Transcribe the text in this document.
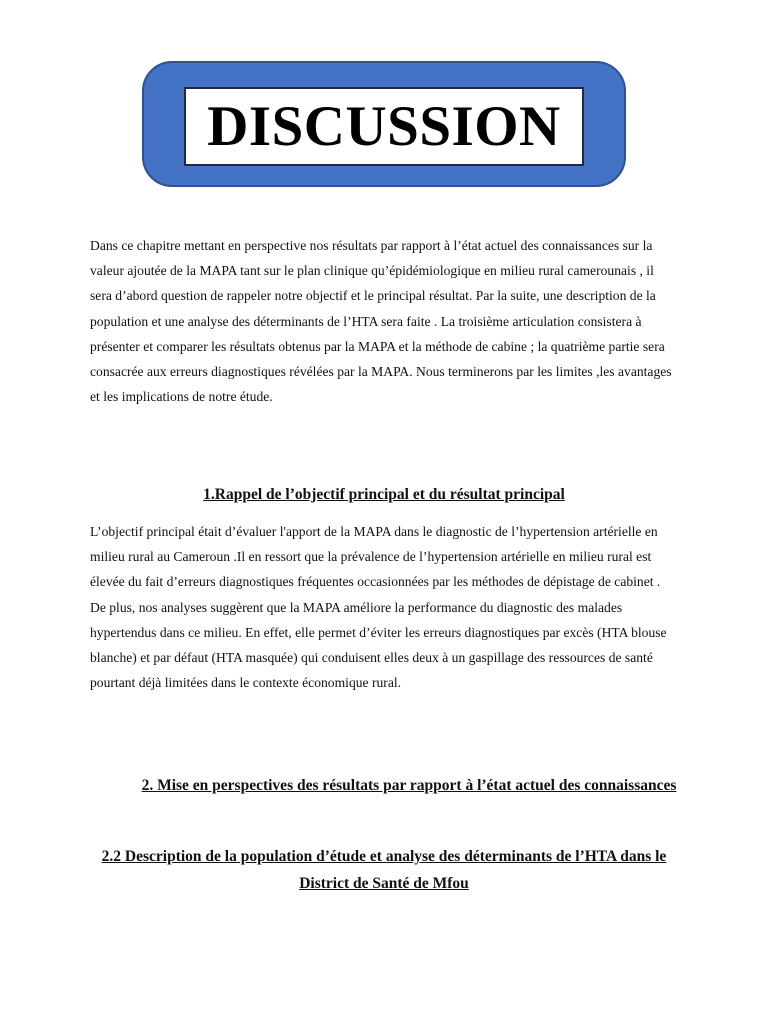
DISCUSSION

Dans ce chapitre mettant en perspective nos résultats par rapport à l’état actuel des connaissances sur la valeur ajoutée de la MAPA tant sur le plan clinique qu’épidémiologique en milieu rural camerounais , il sera d’abord question de rappeler notre objectif et le principal résultat. Par la suite, une description de la population et une analyse des déterminants de l’HTA sera faite . La troisième articulation consistera à présenter et comparer les résultats obtenus par la MAPA et la méthode de cabine ; la quatrième partie sera consacrée aux erreurs diagnostiques révélées par la MAPA. Nous terminerons par les limites ,les avantages et les implications de notre étude.

1.Rappel de l’objectif principal et du résultat principal

L’objectif principal était d’évaluer l'apport de la MAPA dans le diagnostic de l’hypertension artérielle en milieu rural au Cameroun .Il en ressort que la prévalence de l’hypertension artérielle en milieu rural est élevée du fait d’erreurs diagnostiques fréquentes occasionnées par les méthodes de dépistage de cabinet . De plus, nos analyses suggèrent que la MAPA améliore la performance du diagnostic des malades hypertendus dans ce milieu. En effet, elle permet d’éviter les erreurs diagnostiques par excès (HTA blouse blanche) et par défaut (HTA masquée) qui conduisent elles deux à un gaspillage des ressources de santé pourtant déjà limitées dans le contexte économique rural.

2. Mise en perspectives des résultats par rapport à l’état actuel des connaissances
2.2 Description de la population d’étude et analyse des déterminants de l’HTA dans le District de Santé de Mfou
